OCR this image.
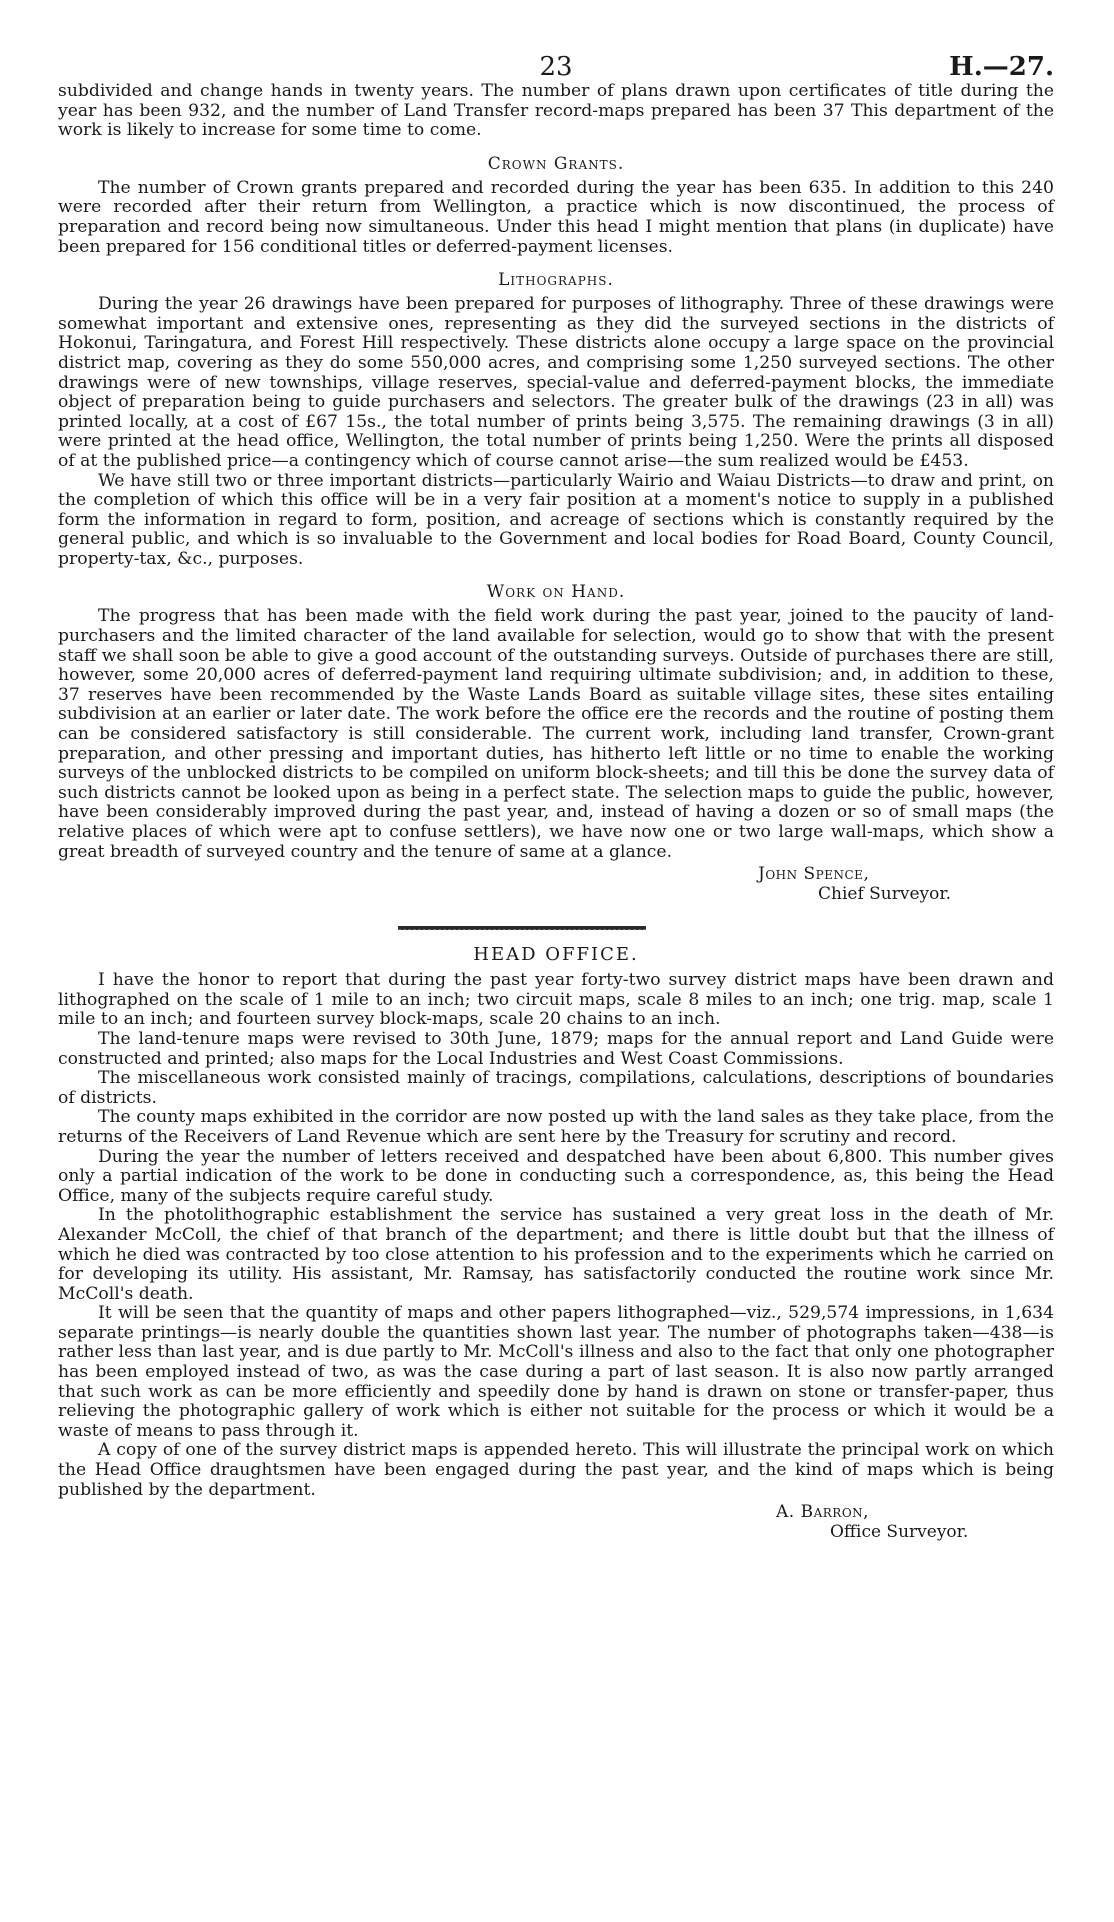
23	H.—27.

subdivided and change hands in twenty years. The number of plans drawn upon certificates of title during the year has been 932, and the number of Land Transfer record-maps prepared has been 37 This department of the work is likely to increase for some time to come.

Crown Grants.

The number of Crown grants prepared and recorded during the year has been 635. In addition to this 240 were recorded after their return from Wellington, a practice which is now discontinued, the process of preparation and record being now simultaneous. Under this head I might mention that plans (in duplicate) have been prepared for 156 conditional titles or deferred-payment licenses.

Lithographs.

During the year 26 drawings have been prepared for purposes of lithography. Three of these drawings were somewhat important and extensive ones, representing as they did the surveyed sections in the districts of Hokonui, Taringatura, and Forest Hill respectively. These districts alone occupy a large space on the provincial district map, covering as they do some 550,000 acres, and comprising some 1,250 surveyed sections. The other drawings were of new townships, village reserves, special-value and deferred-payment blocks, the immediate object of preparation being to guide purchasers and selectors. The greater bulk of the drawings (23 in all) was printed locally, at a cost of £67 15s., the total number of prints being 3,575. The remaining drawings (3 in all) were printed at the head office, Wellington, the total number of prints being 1,250. Were the prints all disposed of at the published price—a contingency which of course cannot arise—the sum realized would be £453.

We have still two or three important districts—particularly Wairio and Waiau Districts—to draw and print, on the completion of which this office will be in a very fair position at a moment's notice to supply in a published form the information in regard to form, position, and acreage of sections which is constantly required by the general public, and which is so invaluable to the Government and local bodies for Road Board, County Council, property-tax, &c., purposes.

Work on Hand.

The progress that has been made with the field work during the past year, joined to the paucity of land-purchasers and the limited character of the land available for selection, would go to show that with the present staff we shall soon be able to give a good account of the outstanding surveys. Outside of purchases there are still, however, some 20,000 acres of deferred-payment land requiring ultimate subdivision; and, in addition to these, 37 reserves have been recommended by the Waste Lands Board as suitable village sites, these sites entailing subdivision at an earlier or later date. The work before the office ere the records and the routine of posting them can be considered satisfactory is still considerable. The current work, including land transfer, Crown-grant preparation, and other pressing and important duties, has hitherto left little or no time to enable the working surveys of the unblocked districts to be compiled on uniform block-sheets; and till this be done the survey data of such districts cannot be looked upon as being in a perfect state. The selection maps to guide the public, however, have been considerably improved during the past year, and, instead of having a dozen or so of small maps (the relative places of which were apt to confuse settlers), we have now one or two large wall-maps, which show a great breadth of surveyed country and the tenure of same at a glance.

John Spence,
Chief Surveyor.
HEAD OFFICE.

I have the honor to report that during the past year forty-two survey district maps have been drawn and lithographed on the scale of 1 mile to an inch; two circuit maps, scale 8 miles to an inch; one trig. map, scale 1 mile to an inch; and fourteen survey block-maps, scale 20 chains to an inch.

The land-tenure maps were revised to 30th June, 1879; maps for the annual report and Land Guide were constructed and printed; also maps for the Local Industries and West Coast Commissions.

The miscellaneous work consisted mainly of tracings, compilations, calculations, descriptions of boundaries of districts.

The county maps exhibited in the corridor are now posted up with the land sales as they take place, from the returns of the Receivers of Land Revenue which are sent here by the Treasury for scrutiny and record.

During the year the number of letters received and despatched have been about 6,800. This number gives only a partial indication of the work to be done in conducting such a correspondence, as, this being the Head Office, many of the subjects require careful study.

In the photolithographic establishment the service has sustained a very great loss in the death of Mr. Alexander McColl, the chief of that branch of the department; and there is little doubt but that the illness of which he died was contracted by too close attention to his profession and to the experiments which he carried on for developing its utility. His assistant, Mr. Ramsay, has satisfactorily conducted the routine work since Mr. McColl's death.

It will be seen that the quantity of maps and other papers lithographed—viz., 529,574 impressions, in 1,634 separate printings—is nearly double the quantities shown last year. The number of photographs taken—438—is rather less than last year, and is due partly to Mr. McColl's illness and also to the fact that only one photographer has been employed instead of two, as was the case during a part of last season. It is also now partly arranged that such work as can be more efficiently and speedily done by hand is drawn on stone or transfer-paper, thus relieving the photographic gallery of work which is either not suitable for the process or which it would be a waste of means to pass through it.

A copy of one of the survey district maps is appended hereto. This will illustrate the principal work on which the Head Office draughtsmen have been engaged during the past year, and the kind of maps which is being published by the department.

A. Barron,
Office Surveyor.
